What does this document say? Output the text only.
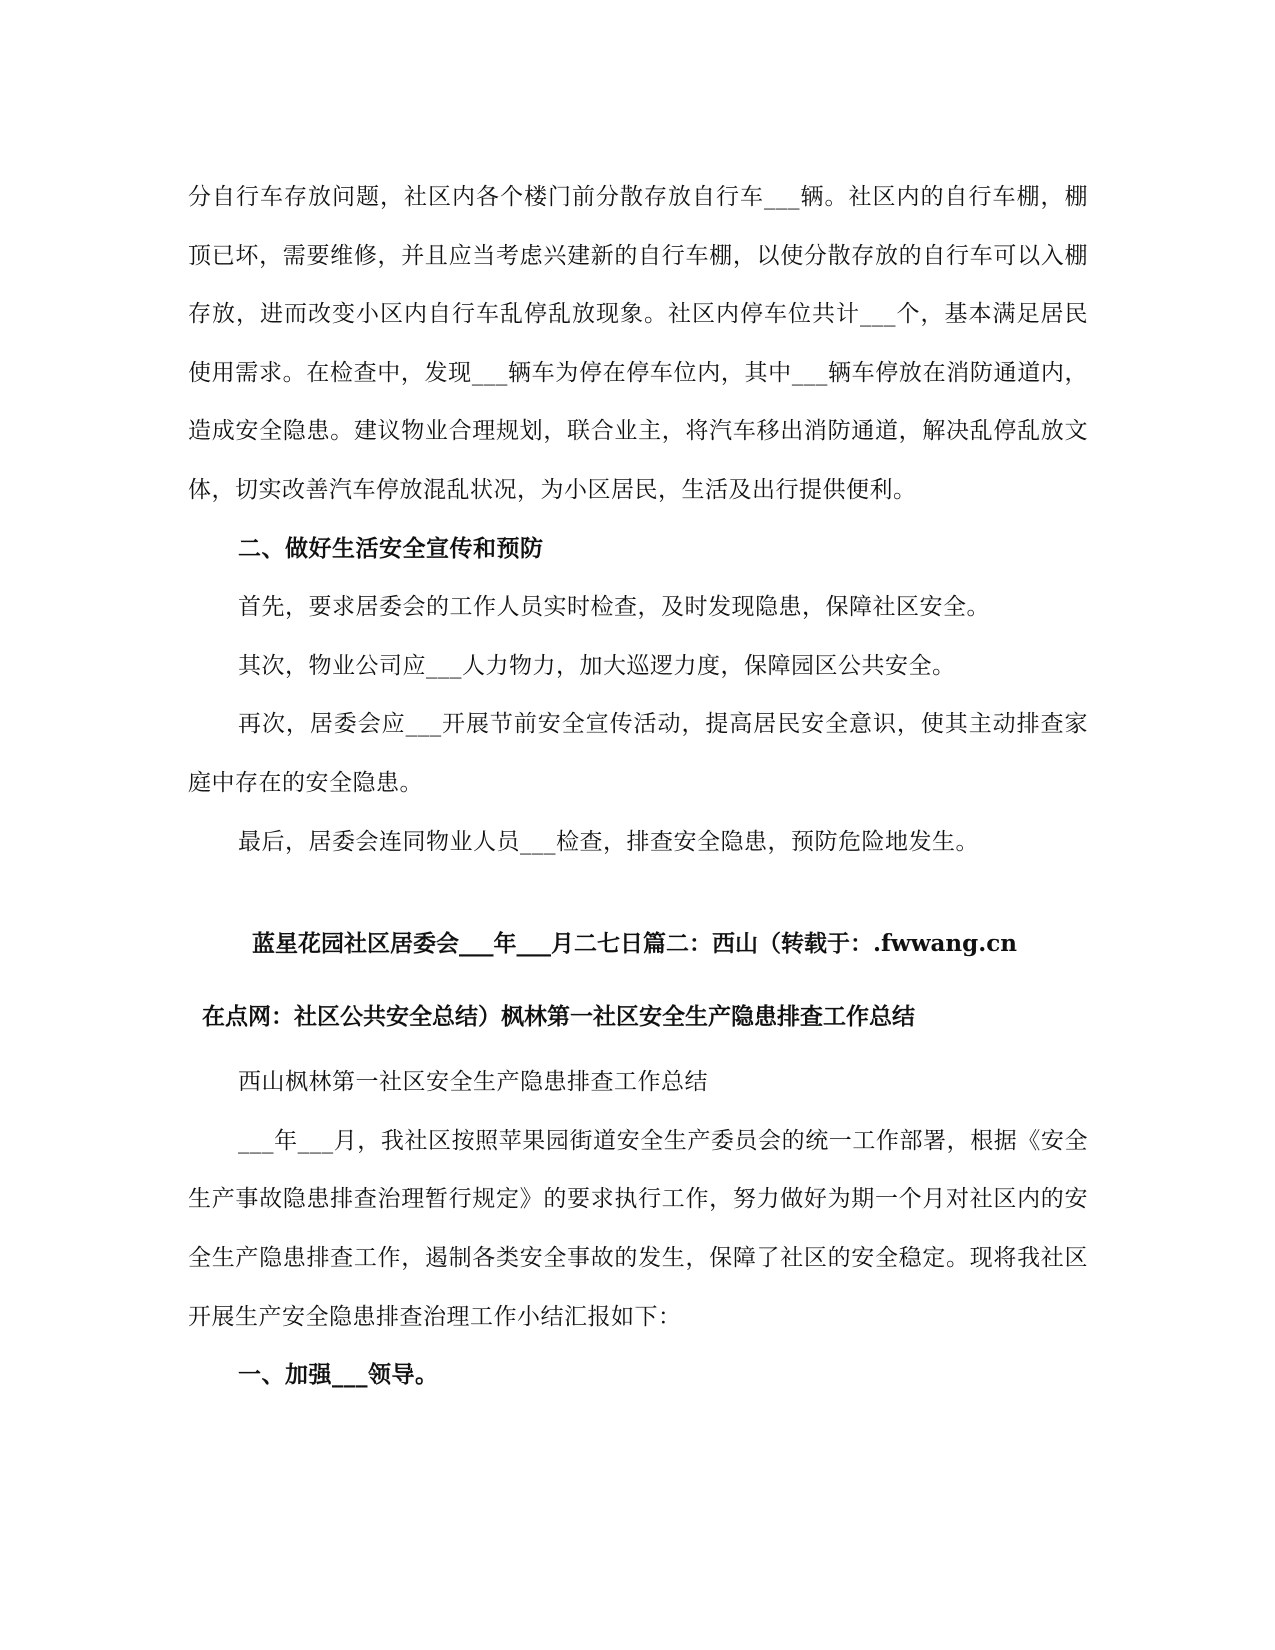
分自行车存放问题，社区内各个楼门前分散存放自行车___辆。社区内的自行车棚，棚顶已坏，需要维修，并且应当考虑兴建新的自行车棚，以使分散存放的自行车可以入棚存放，进而改变小区内自行车乱停乱放现象。社区内停车位共计___个，基本满足居民使用需求。在检查中，发现___辆车为停在停车位内，其中___辆车停放在消防通道内，造成安全隐患。建议物业合理规划，联合业主，将汽车移出消防通道，解决乱停乱放文体，切实改善汽车停放混乱状况，为小区居民，生活及出行提供便利。

二、做好生活安全宣传和预防

首先，要求居委会的工作人员实时检查，及时发现隐患，保障社区安全。

其次，物业公司应___人力物力，加大巡逻力度，保障园区公共安全。

再次，居委会应___开展节前安全宣传活动，提高居民安全意识，使其主动排查家庭中存在的安全隐患。

最后，居委会连同物业人员___检查，排查安全隐患，预防危险地发生。

蓝星花园社区居委会___年___月二七日篇二：西山（转载于：.fwwang.cn
在点网：社区公共安全总结）枫林第一社区安全生产隐患排查工作总结

西山枫林第一社区安全生产隐患排查工作总结

___年___月，我社区按照苹果园街道安全生产委员会的统一工作部署，根据《安全生产事故隐患排查治理暂行规定》的要求执行工作，努力做好为期一个月对社区内的安全生产隐患排查工作，遏制各类安全事故的发生，保障了社区的安全稳定。现将我社区开展生产安全隐患排查治理工作小结汇报如下：

一、加强___领导。
